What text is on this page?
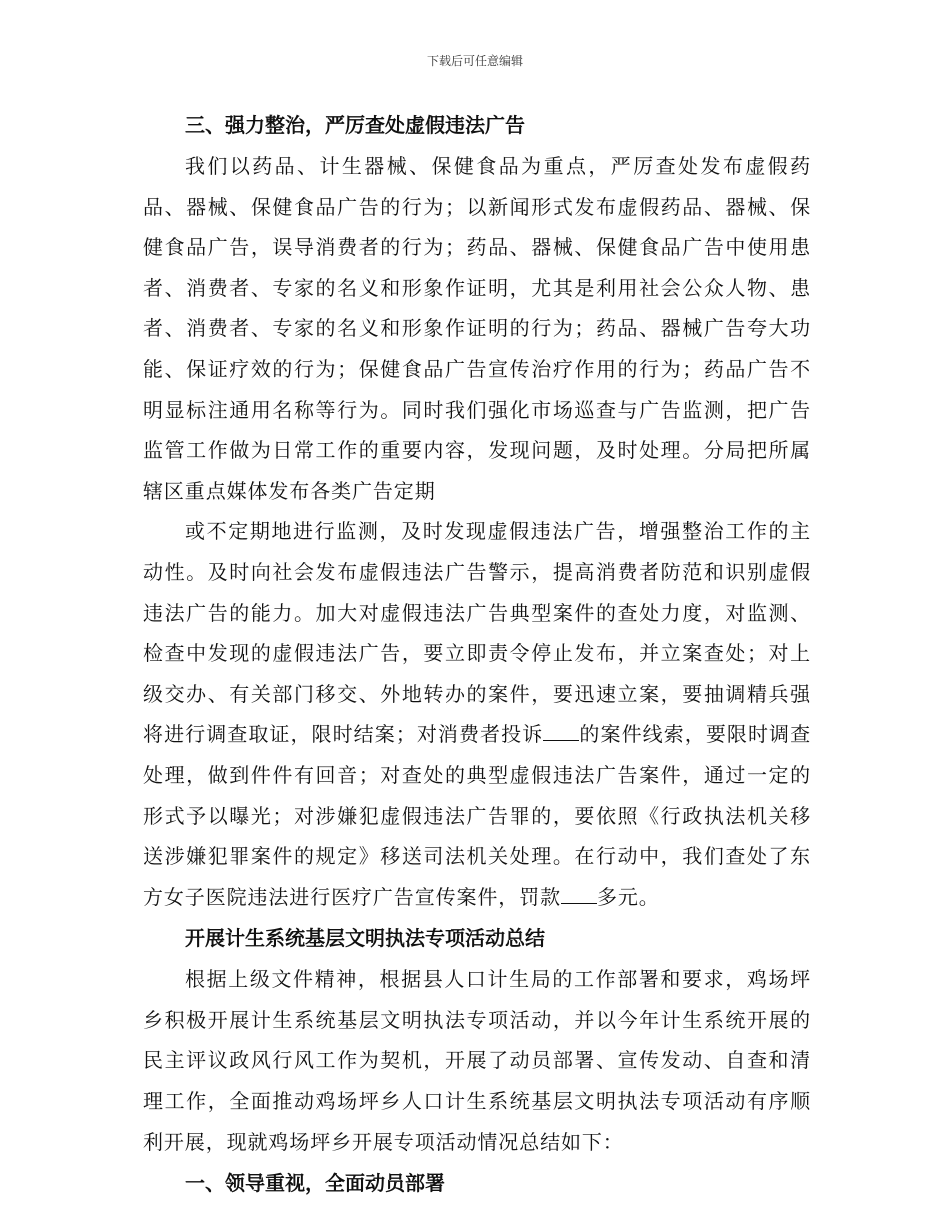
下载后可任意编辑
三、强力整治，严厉查处虚假违法广告

我们以药品、计生器械、保健食品为重点，严厉查处发布虚假药品、器械、保健食品广告的行为；以新闻形式发布虚假药品、器械、保健食品广告，误导消费者的行为；药品、器械、保健食品广告中使用患者、消费者、专家的名义和形象作证明，尤其是利用社会公众人物、患者、消费者、专家的名义和形象作证明的行为；药品、器械广告夸大功能、保证疗效的行为；保健食品广告宣传治疗作用的行为；药品广告不明显标注通用名称等行为。同时我们强化市场巡查与广告监测，把广告监管工作做为日常工作的重要内容，发现问题，及时处理。分局把所属辖区重点媒体发布各类广告定期

或不定期地进行监测，及时发现虚假违法广告，增强整治工作的主动性。及时向社会发布虚假违法广告警示，提高消费者防范和识别虚假违法广告的能力。加大对虚假违法广告典型案件的查处力度，对监测、检查中发现的虚假违法广告，要立即责令停止发布，并立案查处；对上级交办、有关部门移交、外地转办的案件，要迅速立案，要抽调精兵强将进行调查取证，限时结案；对消费者投诉 的案件线索，要限时调查处理，做到件件有回音；对查处的典型虚假违法广告案件，通过一定的形式予以曝光；对涉嫌犯虚假违法广告罪的，要依照《行政执法机关移送涉嫌犯罪案件的规定》移送司法机关处理。在行动中，我们查处了东方女子医院违法进行医疗广告宣传案件，罚款 多元。

开展计生系统基层文明执法专项活动总结

根据上级文件精神，根据县人口计生局的工作部署和要求，鸡场坪乡积极开展计生系统基层文明执法专项活动，并以今年计生系统开展的民主评议政风行风工作为契机，开展了动员部署、宣传发动、自查和清理工作，全面推动鸡场坪乡人口计生系统基层文明执法专项活动有序顺利开展，现就鸡场坪乡开展专项活动情况总结如下：

一、领导重视，全面动员部署
